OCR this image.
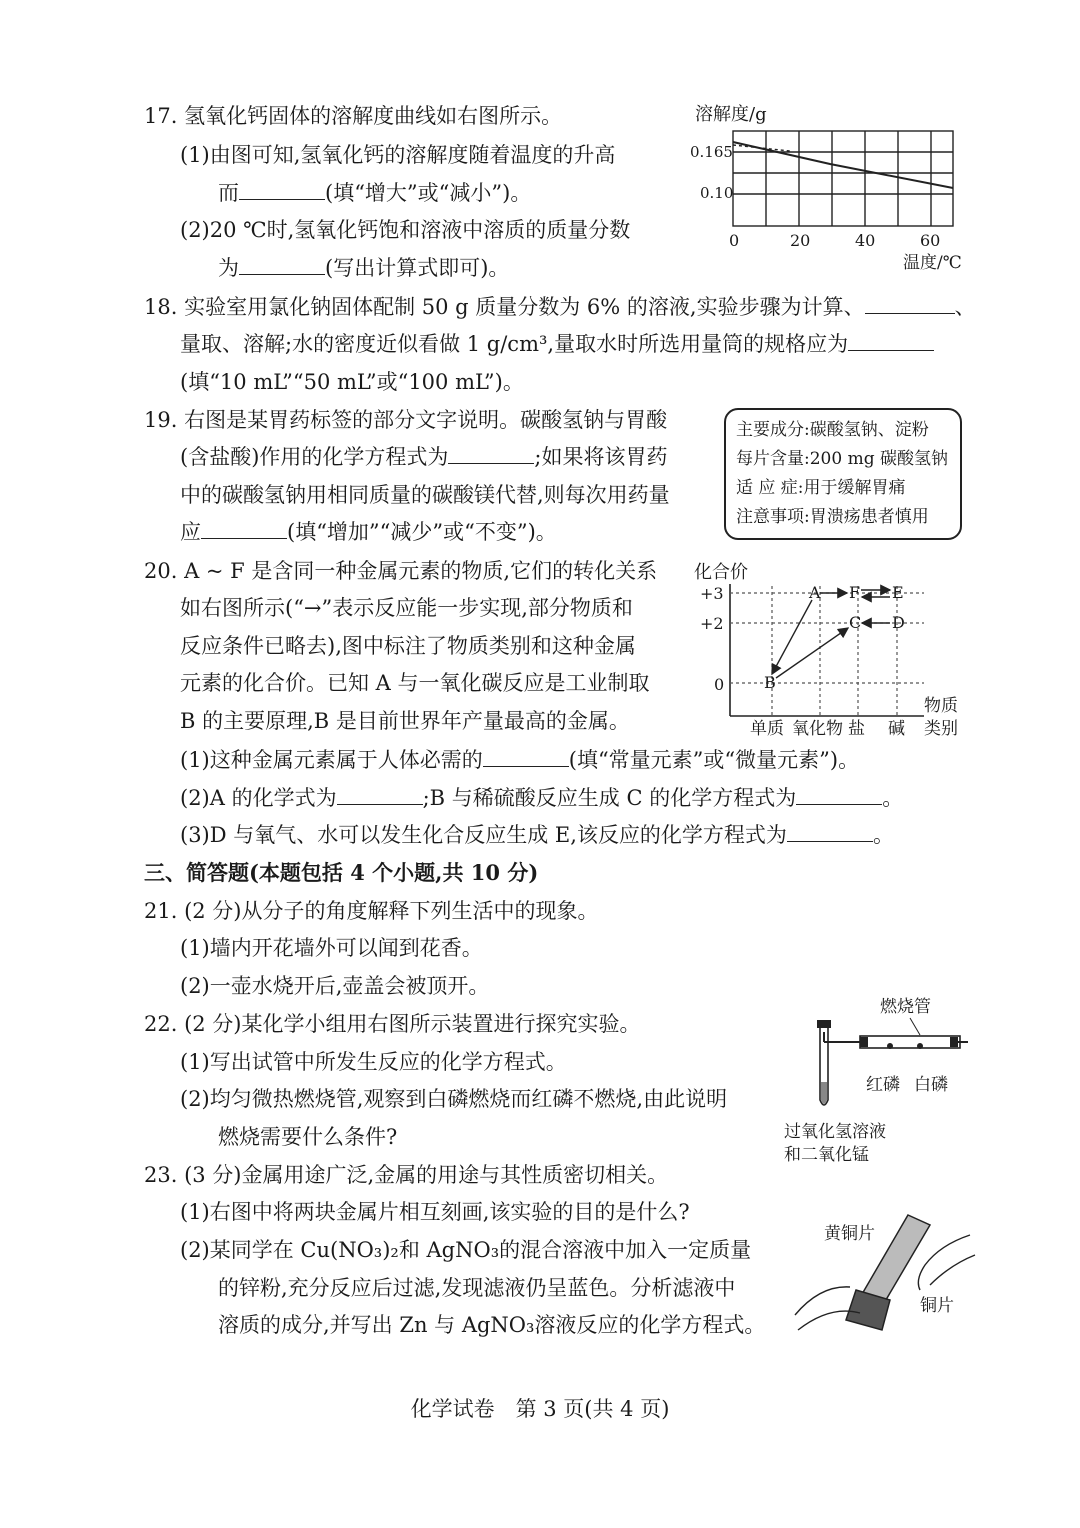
17. 氢氧化钙固体的溶解度曲线如右图所示。
(1)由图可知,氢氧化钙的溶解度随着温度的升高
而	(填“增大”或“减小”)。
(2)20 ℃时,氢氧化钙饱和溶液中溶质的质量分数
为	(写出计算式即可)。
溶解度/g
0.165
0.10
0	20	40	60
温度/℃
18. 实验室用氯化钠固体配制 50 g 质量分数为 6% 的溶液,实验步骤为计算、	、
量取、溶解;水的密度近似看做 1 g/cm³,量取水时所选用量筒的规格应为
(填“10 mL”“50 mL”或“100 mL”)。
19. 右图是某胃药标签的部分文字说明。碳酸氢钠与胃酸
(含盐酸)作用的化学方程式为	;如果将该胃药
中的碳酸氢钠用相同质量的碳酸镁代替,则每次用药量
应	(填“增加”“减少”或“不变”)。
主要成分:碳酸氢钠、淀粉
每片含量:200 mg 碳酸氢钠
适 应 症:用于缓解胃痛
注意事项:胃溃疡患者慎用
20. A ~ F 是含同一种金属元素的物质,它们的转化关系
如右图所示(“→”表示反应能一步实现,部分物质和
反应条件已略去),图中标注了物质类别和这种金属
元素的化合价。已知 A 与一氧化碳反应是工业制取
B 的主要原理,B 是目前世界年产量最高的金属。
(1)这种金属元素属于人体必需的	(填“常量元素”或“微量元素”)。
(2)A 的化学式为	;B 与稀硫酸反应生成 C 的化学方程式为	。
(3)D 与氧气、水可以发生化合反应生成 E,该反应的化学方程式为	。
化合价
+3
+2
0
A F E
C D
B
单质 氧化物 盐 碱
物质
类别
三、简答题(本题包括 4 个小题,共 10 分)
21. (2 分)从分子的角度解释下列生活中的现象。
(1)墙内开花墙外可以闻到花香。
(2)一壶水烧开后,壶盖会被顶开。
22. (2 分)某化学小组用右图所示装置进行探究实验。
(1)写出试管中所发生反应的化学方程式。
(2)均匀微热燃烧管,观察到白磷燃烧而红磷不燃烧,由此说明
燃烧需要什么条件?
燃烧管
红磷 白磷
过氧化氢溶液
和二氧化锰
23. (3 分)金属用途广泛,金属的用途与其性质密切相关。
(1)右图中将两块金属片相互刻画,该实验的目的是什么?
(2)某同学在 Cu(NO₃)₂和 AgNO₃的混合溶液中加入一定质量
的锌粉,充分反应后过滤,发现滤液仍呈蓝色。分析滤液中
溶质的成分,并写出 Zn 与 AgNO₃溶液反应的化学方程式。
黄铜片
铜片
化学试卷　第 3 页(共 4 页)
